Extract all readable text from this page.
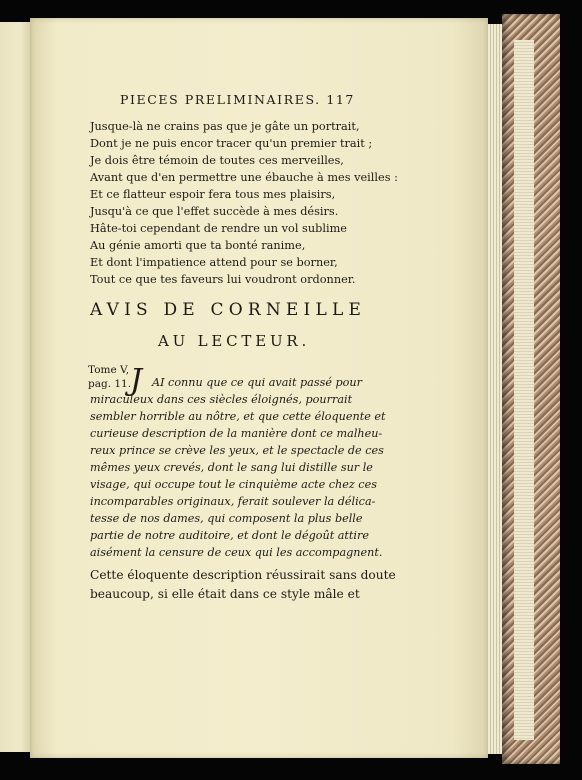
PIECES PRELIMINAIRES. 117
Jusque-là ne crains pas que je gâte un portrait,
Dont je ne puis encor tracer qu'un premier trait ;
Je dois être témoin de toutes ces merveilles,
Avant que d'en permettre une ébauche à mes veilles :
Et ce flatteur espoir fera tous mes plaisirs,
Jusqu'à ce que l'effet succède à mes désirs.
Hâte-toi cependant de rendre un vol sublime
Au génie amorti que ta bonté ranime,
Et dont l'impatience attend pour se borner,
Tout ce que tes faveurs lui voudront ordonner.
AVIS DE CORNEILLE
AU LECTEUR.
Tome V,
pag. 11.
J AI connu que ce qui avait passé pour
miraculeux dans ces siècles éloignés, pourrait
sembler horrible au nôtre, et que cette éloquente et
curieuse description de la manière dont ce malheu-
reux prince se crève les yeux, et le spectacle de ces
mêmes yeux crevés, dont le sang lui distille sur le
visage, qui occupe tout le cinquième acte chez ces
incomparables originaux, ferait soulever la délica-
tesse de nos dames, qui composent la plus belle
partie de notre auditoire, et dont le dégoût attire
aisément la censure de ceux qui les accompagnent.
Cette éloquente description réussirait sans doute
beaucoup, si elle était dans ce style mâle et
